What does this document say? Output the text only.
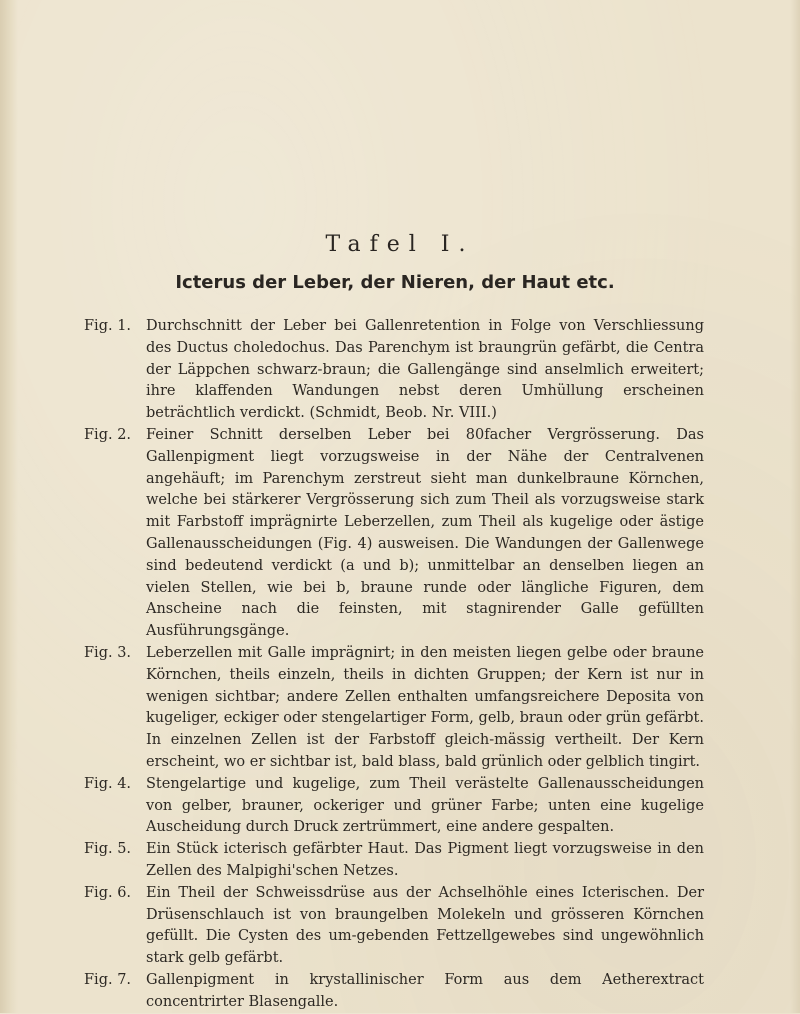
Tafel I.
Icterus der Leber, der Nieren, der Haut etc.
Fig. 1. Durchschnitt der Leber bei Gallenretention in Folge von Verschliessung des Ductus choledochus. Das Parenchym ist braungrün gefärbt, die Centra der Läppchen schwarz-braun; die Gallengänge sind anselmlich erweitert; ihre klaffenden Wandungen nebst deren Umhüllung erscheinen beträchtlich verdickt. (Schmidt, Beob. Nr. VIII.)
Fig. 2. Feiner Schnitt derselben Leber bei 80facher Vergrösserung. Das Gallenpigment liegt vorzugsweise in der Nähe der Centralvenen angehäuft; im Parenchym zerstreut sieht man dunkelbraune Körnchen, welche bei stärkerer Vergrösserung sich zum Theil als vorzugsweise stark mit Farbstoff imprägnirte Leberzellen, zum Theil als kugelige oder ästige Gallenausscheidungen (Fig. 4) ausweisen. Die Wandungen der Gallenwege sind bedeutend verdickt (a und b); unmittelbar an denselben liegen an vielen Stellen, wie bei b, braune runde oder längliche Figuren, dem Anscheine nach die feinsten, mit stagnirender Galle gefüllten Ausführungsgänge.
Fig. 3. Leberzellen mit Galle imprägnirt; in den meisten liegen gelbe oder braune Körnchen, theils einzeln, theils in dichten Gruppen; der Kern ist nur in wenigen sichtbar; andere Zellen enthalten umfangsreichere Deposita von kugeliger, eckiger oder stengelartiger Form, gelb, braun oder grün gefärbt. In einzelnen Zellen ist der Farbstoff gleich-mässig vertheilt. Der Kern erscheint, wo er sichtbar ist, bald blass, bald grünlich oder gelblich tingirt.
Fig. 4. Stengelartige und kugelige, zum Theil verästelte Gallenausscheidungen von gelber, brauner, ockeriger und grüner Farbe; unten eine kugelige Auscheidung durch Druck zertrümmert, eine andere gespalten.
Fig. 5. Ein Stück icterisch gefärbter Haut. Das Pigment liegt vorzugsweise in den Zellen des Malpighi'schen Netzes.
Fig. 6. Ein Theil der Schweissdrüse aus der Achselhöhle eines Icterischen. Der Drüsenschlauch ist von braungelben Molekeln und grösseren Körnchen gefüllt. Die Cysten des um-gebenden Fettzellgewebes sind ungewöhnlich stark gelb gefärbt.
Fig. 7. Gallenpigment in krystallinischer Form aus dem Aetherextract concentrirter Blasengalle.
